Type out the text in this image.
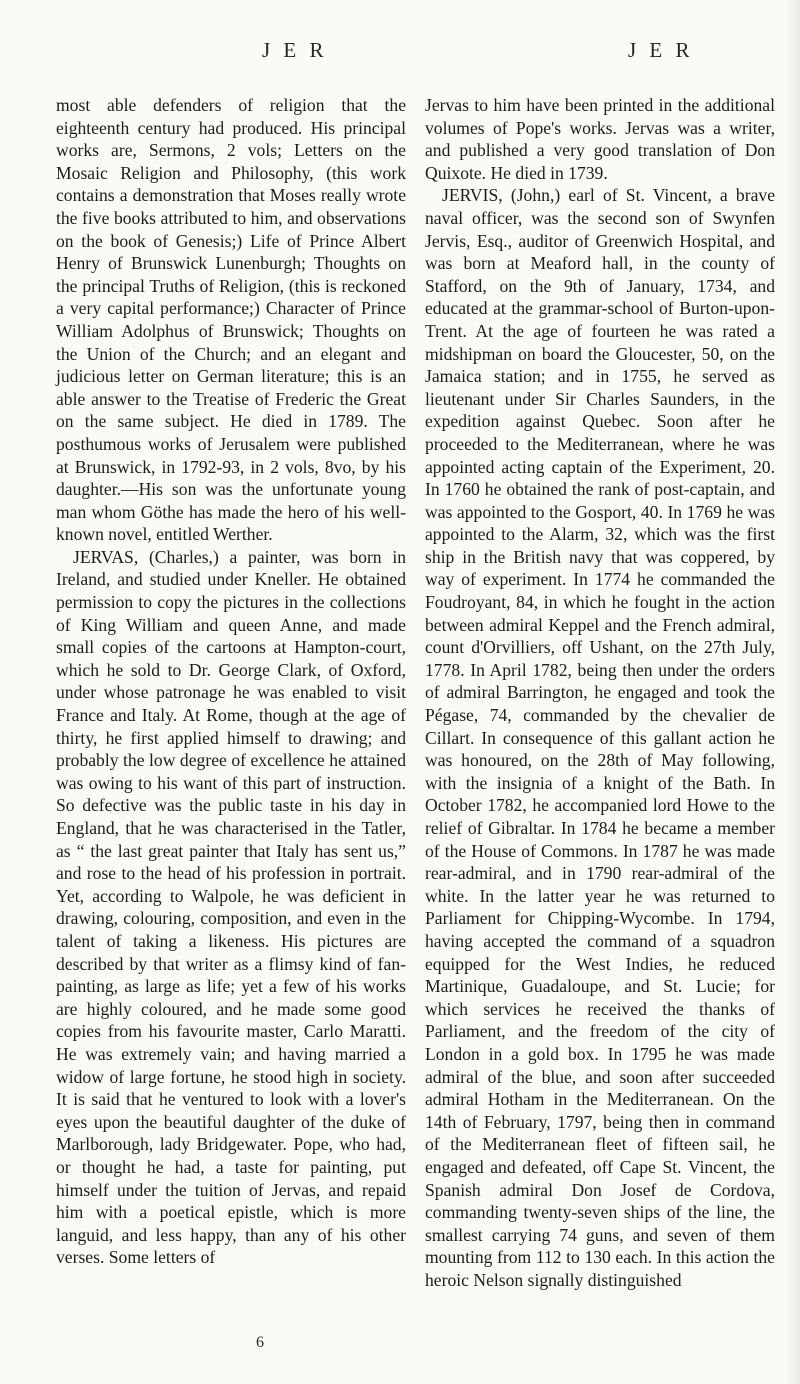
J E R	J E R

most able defenders of religion that the eighteenth century had produced. His principal works are, Sermons, 2 vols; Letters on the Mosaic Religion and Philosophy, (this work contains a demonstration that Moses really wrote the five books attributed to him, and observations on the book of Genesis;) Life of Prince Albert Henry of Brunswick Lunenburgh; Thoughts on the principal Truths of Religion, (this is reckoned a very capital performance;) Character of Prince William Adolphus of Brunswick; Thoughts on the Union of the Church; and an elegant and judicious letter on German literature; this is an able answer to the Treatise of Frederic the Great on the same subject. He died in 1789. The posthumous works of Jerusalem were published at Brunswick, in 1792-93, in 2 vols, 8vo, by his daughter.—His son was the unfortunate young man whom Göthe has made the hero of his well-known novel, entitled Werther.

JERVAS, (Charles,) a painter, was born in Ireland, and studied under Kneller. He obtained permission to copy the pictures in the collections of King William and queen Anne, and made small copies of the cartoons at Hampton-court, which he sold to Dr. George Clark, of Oxford, under whose patronage he was enabled to visit France and Italy. At Rome, though at the age of thirty, he first applied himself to drawing; and probably the low degree of excellence he attained was owing to his want of this part of instruction. So defective was the public taste in his day in England, that he was characterised in the Tatler, as “ the last great painter that Italy has sent us,” and rose to the head of his profession in portrait. Yet, according to Walpole, he was deficient in drawing, colouring, composition, and even in the talent of taking a likeness. His pictures are described by that writer as a flimsy kind of fan-painting, as large as life; yet a few of his works are highly coloured, and he made some good copies from his favourite master, Carlo Maratti. He was extremely vain; and having married a widow of large fortune, he stood high in society. It is said that he ventured to look with a lover's eyes upon the beautiful daughter of the duke of Marlborough, lady Bridgewater. Pope, who had, or thought he had, a taste for painting, put himself under the tuition of Jervas, and repaid him with a poetical epistle, which is more languid, and less happy, than any of his other verses. Some letters of

Jervas to him have been printed in the additional volumes of Pope's works. Jervas was a writer, and published a very good translation of Don Quixote. He died in 1739.

JERVIS, (John,) earl of St. Vincent, a brave naval officer, was the second son of Swynfen Jervis, Esq., auditor of Greenwich Hospital, and was born at Meaford hall, in the county of Stafford, on the 9th of January, 1734, and educated at the grammar-school of Burton-upon-Trent. At the age of fourteen he was rated a midshipman on board the Gloucester, 50, on the Jamaica station; and in 1755, he served as lieutenant under Sir Charles Saunders, in the expedition against Quebec. Soon after he proceeded to the Mediterranean, where he was appointed acting captain of the Experiment, 20. In 1760 he obtained the rank of post-captain, and was appointed to the Gosport, 40. In 1769 he was appointed to the Alarm, 32, which was the first ship in the British navy that was coppered, by way of experiment. In 1774 he commanded the Foudroyant, 84, in which he fought in the action between admiral Keppel and the French admiral, count d'Orvilliers, off Ushant, on the 27th July, 1778. In April 1782, being then under the orders of admiral Barrington, he engaged and took the Pégase, 74, commanded by the chevalier de Cillart. In consequence of this gallant action he was honoured, on the 28th of May following, with the insignia of a knight of the Bath. In October 1782, he accompanied lord Howe to the relief of Gibraltar. In 1784 he became a member of the House of Commons. In 1787 he was made rear-admiral, and in 1790 rear-admiral of the white. In the latter year he was returned to Parliament for Chipping-Wycombe. In 1794, having accepted the command of a squadron equipped for the West Indies, he reduced Martinique, Guadaloupe, and St. Lucie; for which services he received the thanks of Parliament, and the freedom of the city of London in a gold box. In 1795 he was made admiral of the blue, and soon after succeeded admiral Hotham in the Mediterranean. On the 14th of February, 1797, being then in command of the Mediterranean fleet of fifteen sail, he engaged and defeated, off Cape St. Vincent, the Spanish admiral Don Josef de Cordova, commanding twenty-seven ships of the line, the smallest carrying 74 guns, and seven of them mounting from 112 to 130 each. In this action the heroic Nelson signally distinguished

6
